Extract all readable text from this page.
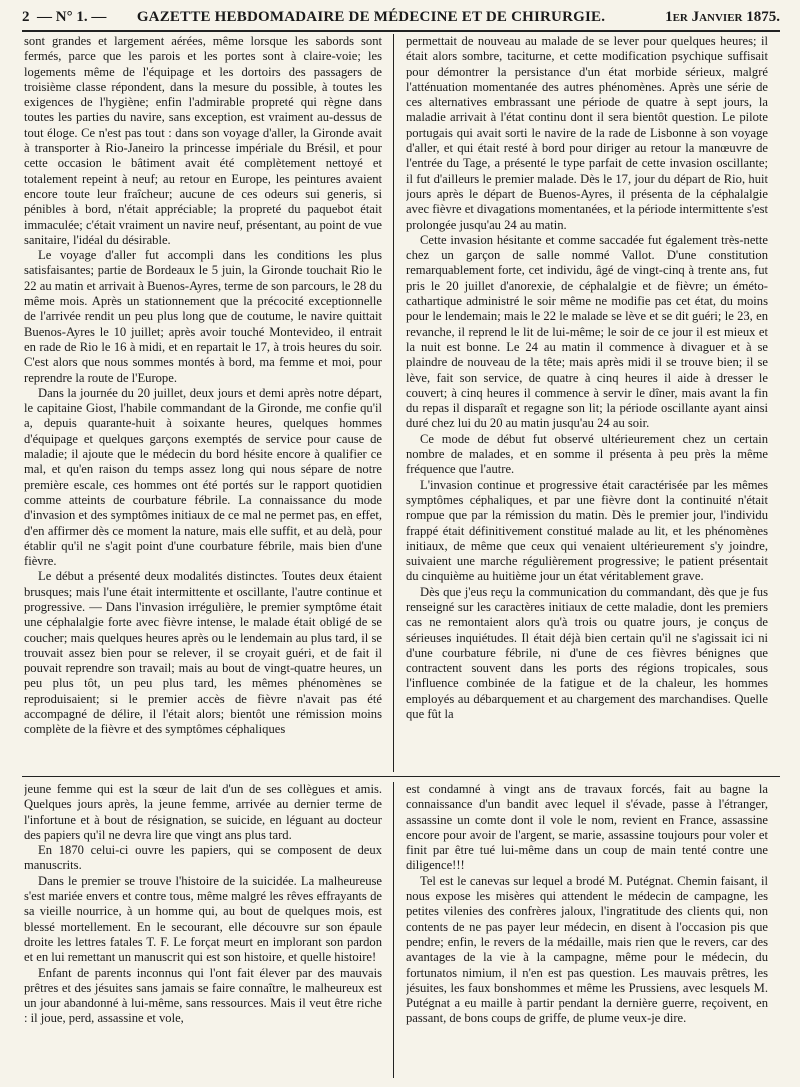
2 — N° 1. —	GAZETTE HEBDOMADAIRE DE MÉDECINE ET DE CHIRURGIE.	1er Janvier 1875.

sont grandes et largement aérées, même lorsque les sabords sont fermés, parce que les parois et les portes sont à claire-voie; les logements même de l'équipage et les dortoirs des passagers de troisième classe répondent, dans la mesure du possible, à toutes les exigences de l'hygiène; enfin l'admirable propreté qui règne dans toutes les parties du navire, sans exception, est vraiment au-dessus de tout éloge. Ce n'est pas tout : dans son voyage d'aller, la Gironde avait à transporter à Rio-Janeiro la princesse impériale du Brésil, et pour cette occasion le bâtiment avait été complètement nettoyé et totalement repeint à neuf; au retour en Europe, les peintures avaient encore toute leur fraîcheur; aucune de ces odeurs sui generis, si pénibles à bord, n'était appréciable; la propreté du paquebot était immaculée; c'était vraiment un navire neuf, présentant, au point de vue sanitaire, l'idéal du désirable.

Le voyage d'aller fut accompli dans les conditions les plus satisfaisantes; partie de Bordeaux le 5 juin, la Gironde touchait Rio le 22 au matin et arrivait à Buenos-Ayres, terme de son parcours, le 28 du même mois. Après un stationnement que la précocité exceptionnelle de l'arrivée rendit un peu plus long que de coutume, le navire quittait Buenos-Ayres le 10 juillet; après avoir touché Montevideo, il entrait en rade de Rio le 16 à midi, et en repartait le 17, à trois heures du soir. C'est alors que nous sommes montés à bord, ma femme et moi, pour reprendre la route de l'Europe.

Dans la journée du 20 juillet, deux jours et demi après notre départ, le capitaine Giost, l'habile commandant de la Gironde, me confie qu'il a, depuis quarante-huit à soixante heures, quelques hommes d'équipage et quelques garçons exemptés de service pour cause de maladie; il ajoute que le médecin du bord hésite encore à qualifier ce mal, et qu'en raison du temps assez long qui nous sépare de notre première escale, ces hommes ont été portés sur le rapport quotidien comme atteints de courbature fébrile. La connaissance du mode d'invasion et des symptômes initiaux de ce mal ne permet pas, en effet, d'en affirmer dès ce moment la nature, mais elle suffit, et au delà, pour établir qu'il ne s'agit point d'une courbature fébrile, mais bien d'une fièvre.

Le début a présenté deux modalités distinctes. Toutes deux étaient brusques; mais l'une était intermittente et oscillante, l'autre continue et progressive. — Dans l'invasion irrégulière, le premier symptôme était une céphalalgie forte avec fièvre intense, le malade était obligé de se coucher; mais quelques heures après ou le lendemain au plus tard, il se trouvait assez bien pour se relever, il se croyait guéri, et de fait il pouvait reprendre son travail; mais au bout de vingt-quatre heures, un peu plus tôt, un peu plus tard, les mêmes phénomènes se reproduisaient; si le premier accès de fièvre n'avait pas été accompagné de délire, il l'était alors; bientôt une rémission moins complète de la fièvre et des symptômes céphaliques

permettait de nouveau au malade de se lever pour quelques heures; il était alors sombre, taciturne, et cette modification psychique suffisait pour démontrer la persistance d'un état morbide sérieux, malgré l'atténuation momentanée des autres phénomènes. Après une série de ces alternatives embrassant une période de quatre à sept jours, la maladie arrivait à l'état continu dont il sera bientôt question. Le pilote portugais qui avait sorti le navire de la rade de Lisbonne à son voyage d'aller, et qui était resté à bord pour diriger au retour la manœuvre de l'entrée du Tage, a présenté le type parfait de cette invasion oscillante; il fut d'ailleurs le premier malade. Dès le 17, jour du départ de Rio, huit jours après le départ de Buenos-Ayres, il présenta de la céphalalgie avec fièvre et divagations momentanées, et la période intermittente s'est prolongée jusqu'au 24 au matin.

Cette invasion hésitante et comme saccadée fut également très-nette chez un garçon de salle nommé Vallot. D'une constitution remarquablement forte, cet individu, âgé de vingt-cinq à trente ans, fut pris le 20 juillet d'anorexie, de céphalalgie et de fièvre; un éméto-cathartique administré le soir même ne modifie pas cet état, du moins pour le lendemain; mais le 22 le malade se lève et se dit guéri; le 23, en revanche, il reprend le lit de lui-même; le soir de ce jour il est mieux et la nuit est bonne. Le 24 au matin il commence à divaguer et à se plaindre de nouveau de la tête; mais après midi il se trouve bien; il se lève, fait son service, de quatre à cinq heures il aide à dresser le couvert; à cinq heures il commence à servir le dîner, mais avant la fin du repas il disparaît et regagne son lit; la période oscillante ayant ainsi duré chez lui du 20 au matin jusqu'au 24 au soir.

Ce mode de début fut observé ultérieurement chez un certain nombre de malades, et en somme il présenta à peu près la même fréquence que l'autre.

L'invasion continue et progressive était caractérisée par les mêmes symptômes céphaliques, et par une fièvre dont la continuité n'était rompue que par la rémission du matin. Dès le premier jour, l'individu frappé était définitivement constitué malade au lit, et les phénomènes initiaux, de même que ceux qui venaient ultérieurement s'y joindre, suivaient une marche régulièrement progressive; le patient présentait du cinquième au huitième jour un état véritablement grave.

Dès que j'eus reçu la communication du commandant, dès que je fus renseigné sur les caractères initiaux de cette maladie, dont les premiers cas ne remontaient alors qu'à trois ou quatre jours, je conçus de sérieuses inquiétudes. Il était déjà bien certain qu'il ne s'agissait ici ni d'une courbature fébrile, ni d'une de ces fièvres bénignes que contractent souvent dans les ports des régions tropicales, sous l'influence combinée de la fatigue et de la chaleur, les hommes employés au débarquement et au chargement des marchandises. Quelle que fût la

jeune femme qui est la sœur de lait d'un de ses collègues et amis. Quelques jours après, la jeune femme, arrivée au dernier terme de l'infortune et à bout de résignation, se suicide, en léguant au docteur des papiers qu'il ne devra lire que vingt ans plus tard.

En 1870 celui-ci ouvre les papiers, qui se composent de deux manuscrits.

Dans le premier se trouve l'histoire de la suicidée. La malheureuse s'est mariée envers et contre tous, même malgré les rêves effrayants de sa vieille nourrice, à un homme qui, au bout de quelques mois, est blessé mortellement. En le secourant, elle découvre sur son épaule droite les lettres fatales T. F. Le forçat meurt en implorant son pardon et en lui remettant un manuscrit qui est son histoire, et quelle histoire!

Enfant de parents inconnus qui l'ont fait élever par des mauvais prêtres et des jésuites sans jamais se faire connaître, le malheureux est un jour abandonné à lui-même, sans ressources. Mais il veut être riche : il joue, perd, assassine et vole,

est condamné à vingt ans de travaux forcés, fait au bagne la connaissance d'un bandit avec lequel il s'évade, passe à l'étranger, assassine un comte dont il vole le nom, revient en France, assassine encore pour avoir de l'argent, se marie, assassine toujours pour voler et finit par être tué lui-même dans un coup de main tenté contre une diligence!!!

Tel est le canevas sur lequel a brodé M. Putégnat. Chemin faisant, il nous expose les misères qui attendent le médecin de campagne, les petites vilenies des confrères jaloux, l'ingratitude des clients qui, non contents de ne pas payer leur médecin, en disent à l'occasion pis que pendre; enfin, le revers de la médaille, mais rien que le revers, car des avantages de la vie à la campagne, même pour le médecin, du fortunatos nimium, il n'en est pas question. Les mauvais prêtres, les jésuites, les faux bonshommes et même les Prussiens, avec lesquels M. Putégnat a eu maille à partir pendant la dernière guerre, reçoivent, en passant, de bons coups de griffe, de plume veux-je dire.
